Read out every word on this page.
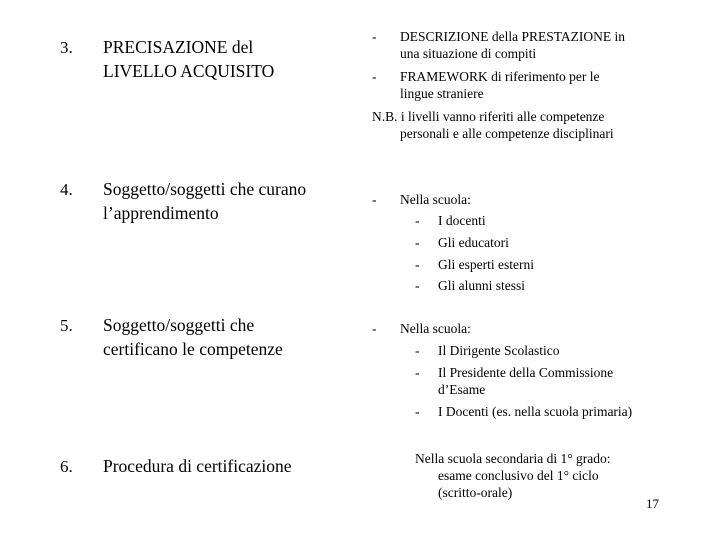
3. PRECISAZIONE del
LIVELLO ACQUISITO
- DESCRIZIONE della PRESTAZIONE in
una situazione di compiti
- FRAMEWORK di riferimento per le
lingue straniere
N.B. i livelli vanno riferiti alle competenze
personali e alle competenze disciplinari
4. Soggetto/soggetti che curano
l’apprendimento
- Nella scuola:
- I docenti
- Gli educatori
- Gli esperti esterni
- Gli alunni stessi
5. Soggetto/soggetti che
certificano le competenze
- Nella scuola:
- Il Dirigente Scolastico
- Il Presidente della Commissione
d’Esame
- I Docenti (es. nella scuola primaria)
6. Procedura di certificazione	Nella scuola secondaria di 1° grado:
esame conclusivo del 1° ciclo
(scritto-orale)
17
